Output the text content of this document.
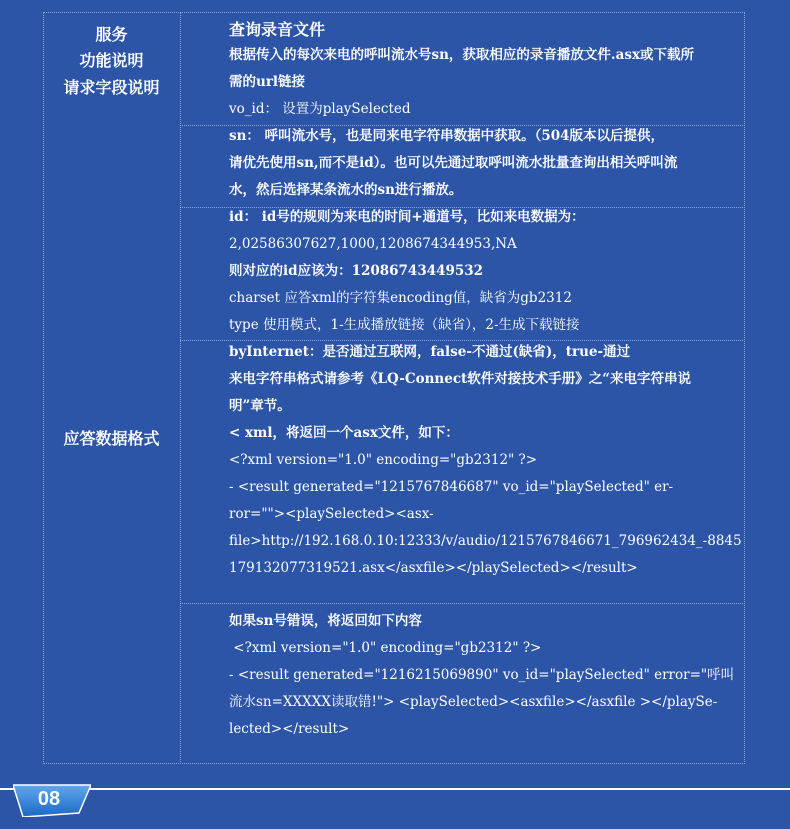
服务
功能说明
请求字段说明
应答数据格式
查询录音文件
根据传入的每次来电的呼叫流水号sn，获取相应的录音播放文件.asx或下载所
需的url链接
vo_id： 设置为playSelected
sn： 呼叫流水号，也是同来电字符串数据中获取。（504版本以后提供，
请优先使用sn,而不是id）。也可以先通过取呼叫流水批量查询出相关呼叫流
水，然后选择某条流水的sn进行播放。
id： id号的规则为来电的时间+通道号，比如来电数据为：
2,02586307627,1000,1208674344953,NA
则对应的id应该为：12086743449532
charset 应答xml的字符集encoding值，缺省为gb2312
type 使用模式，1-生成播放链接（缺省），2-生成下载链接
byInternet：是否通过互联网，false-不通过(缺省)，true-通过
来电字符串格式请参考《LQ-Connect软件对接技术手册》之“来电字符串说
明”章节。
< xml，将返回一个asx文件，如下：
<?xml version="1.0" encoding="gb2312" ?>
- <result generated="1215767846687" vo_id="playSelected" er-
ror=""><playSelected><asx-
file>http://192.168.0.10:12333/v/audio/1215767846671_796962434_-8845
179132077319521.asx</asxfile></playSelected></result>
如果sn号错误，将返回如下内容
<?xml version="1.0" encoding="gb2312" ?>
- <result generated="1216215069890" vo_id="playSelected" error="呼叫
流水sn=XXXXX读取错!"> <playSelected><asxfile></asxfile ></playSe-
lected></result>
08
